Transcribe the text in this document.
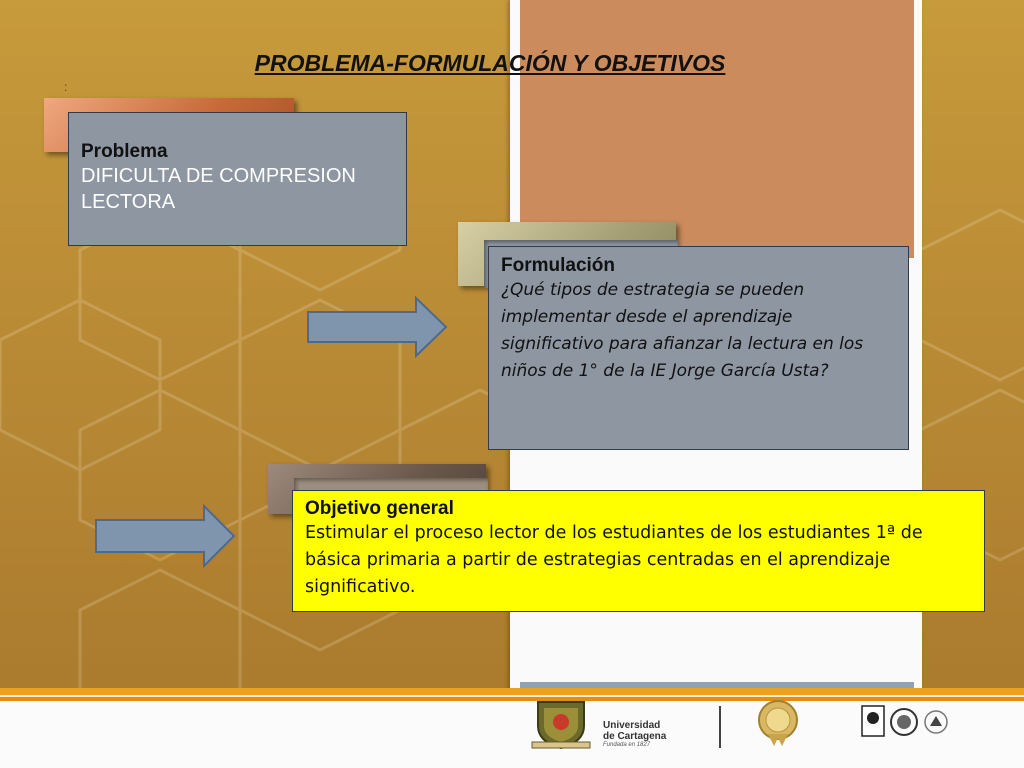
PROBLEMA-FORMULACIÓN Y OBJETIVOS
:
Problema
DIFICULTA DE COMPRESION LECTORA
Formulación
¿Qué tipos de estrategia se pueden implementar desde el aprendizaje significativo para afianzar la lectura en los niños de 1° de la IE Jorge García Usta?
Objetivo general
Estimular el proceso lector de los estudiantes de los estudiantes 1ª de básica primaria a partir de estrategias centradas en el aprendizaje significativo.
Universidad
de Cartagena
Fundada en 1827
